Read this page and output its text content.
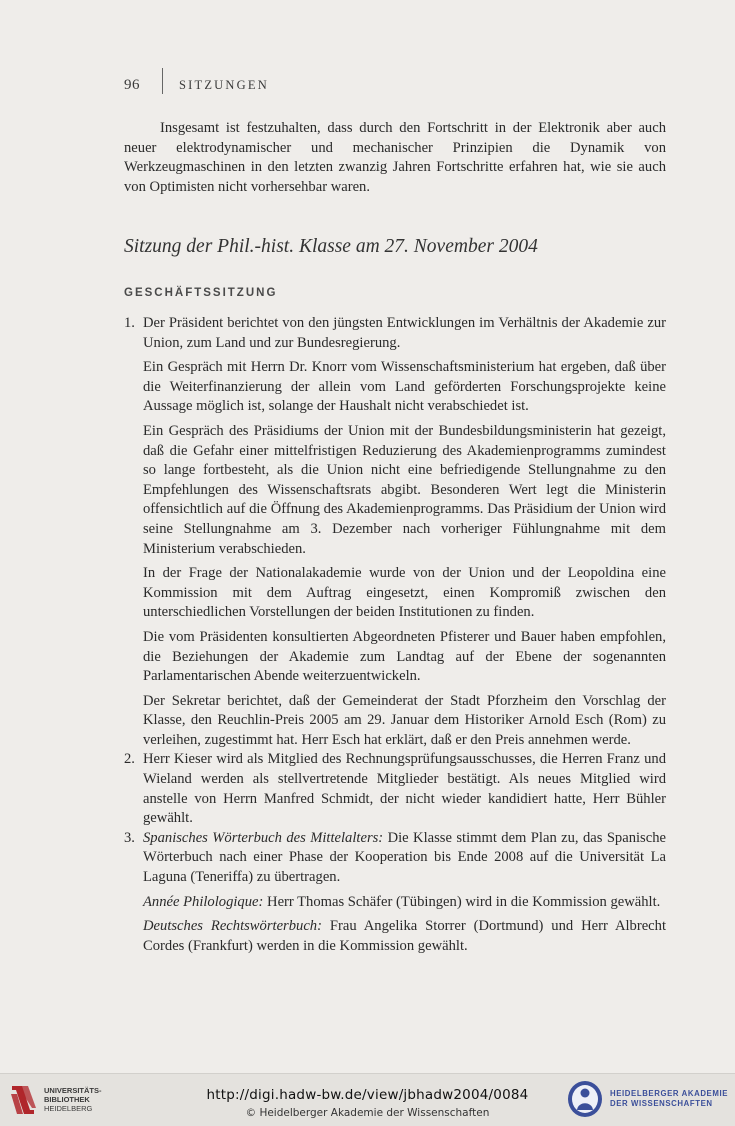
96	SITZUNGEN

Insgesamt ist festzuhalten, dass durch den Fortschritt in der Elektronik aber auch neuer elektrodynamischer und mechanischer Prinzipien die Dynamik von Werkzeugmaschinen in den letzten zwanzig Jahren Fortschritte erfahren hat, wie sie auch von Optimisten nicht vorhersehbar waren.

Sitzung der Phil.-hist. Klasse am 27. November 2004
GESCHÄFTSSITZUNG
1. Der Präsident berichtet von den jüngsten Entwicklungen im Verhältnis der Akademie zur Union, zum Land und zur Bundesregierung.

Ein Gespräch mit Herrn Dr. Knorr vom Wissenschaftsministerium hat ergeben, daß über die Weiterfinanzierung der allein vom Land geförderten Forschungsprojekte keine Aussage möglich ist, solange der Haushalt nicht verabschiedet ist.

Ein Gespräch des Präsidiums der Union mit der Bundesbildungsministerin hat gezeigt, daß die Gefahr einer mittelfristigen Reduzierung des Akademienprogramms zumindest so lange fortbesteht, als die Union nicht eine befriedigende Stellungnahme zu den Empfehlungen des Wissenschaftsrats abgibt. Besonderen Wert legt die Ministerin offensichtlich auf die Öffnung des Akademienprogramms. Das Präsidium der Union wird seine Stellungnahme am 3. Dezember nach vorheriger Fühlungnahme mit dem Ministerium verabschieden.

In der Frage der Nationalakademie wurde von der Union und der Leopoldina eine Kommission mit dem Auftrag eingesetzt, einen Kompromiß zwischen den unterschiedlichen Vorstellungen der beiden Institutionen zu finden.

Die vom Präsidenten konsultierten Abgeordneten Pfisterer und Bauer haben empfohlen, die Beziehungen der Akademie zum Landtag auf der Ebene der sogenannten Parlamentarischen Abende weiterzuentwickeln.

Der Sekretar berichtet, daß der Gemeinderat der Stadt Pforzheim den Vorschlag der Klasse, den Reuchlin-Preis 2005 am 29. Januar dem Historiker Arnold Esch (Rom) zu verleihen, zugestimmt hat. Herr Esch hat erklärt, daß er den Preis annehmen werde.

2. Herr Kieser wird als Mitglied des Rechnungsprüfungsausschusses, die Herren Franz und Wieland werden als stellvertretende Mitglieder bestätigt. Als neues Mitglied wird anstelle von Herrn Manfred Schmidt, der nicht wieder kandidiert hatte, Herr Bühler gewählt.

3. Spanisches Wörterbuch des Mittelalters: Die Klasse stimmt dem Plan zu, das Spanische Wörterbuch nach einer Phase der Kooperation bis Ende 2008 auf die Universität La Laguna (Teneriffa) zu übertragen.

Année Philologique: Herr Thomas Schäfer (Tübingen) wird in die Kommission gewählt.

Deutsches Rechtswörterbuch: Frau Angelika Storrer (Dortmund) und Herr Albrecht Cordes (Frankfurt) werden in die Kommission gewählt.

UNIVERSITÄTS-
BIBLIOTHEK
HEIDELBERG
http://digi.hadw-bw.de/view/jbhadw2004/0084
© Heidelberger Akademie der Wissenschaften
HEIDELBERGER AKADEMIE
DER WISSENSCHAFTEN
